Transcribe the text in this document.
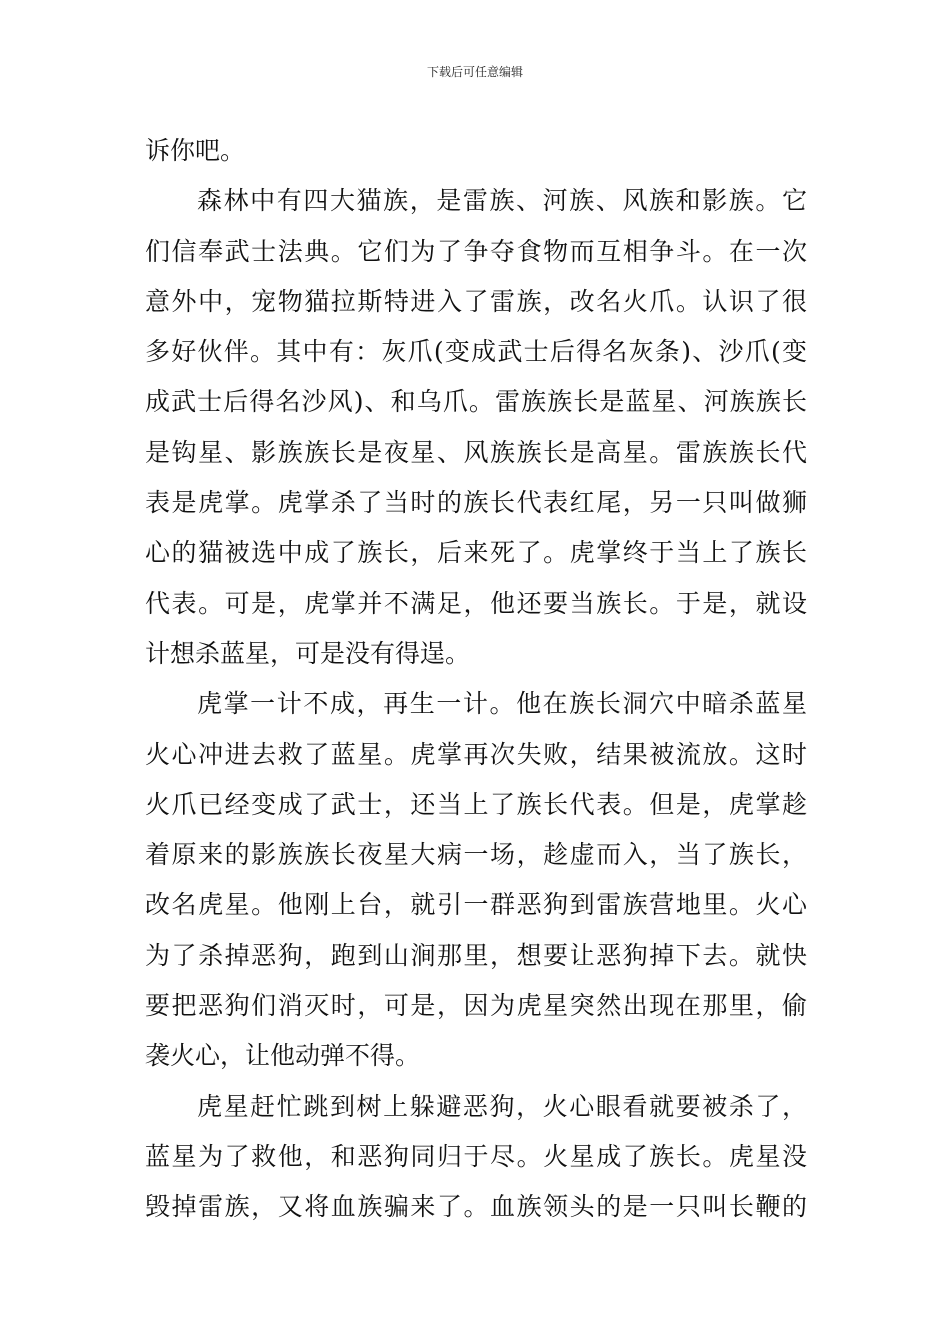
下载后可任意编辑
诉你吧。
森林中有四大猫族，是雷族、河族、风族和影族。它
们信奉武士法典。它们为了争夺食物而互相争斗。在一次
意外中，宠物猫拉斯特进入了雷族，改名火爪。认识了很
多好伙伴。其中有：灰爪(变成武士后得名灰条)、沙爪(变
成武士后得名沙风)、和乌爪。雷族族长是蓝星、河族族长
是钩星、影族族长是夜星、风族族长是高星。雷族族长代
表是虎掌。虎掌杀了当时的族长代表红尾，另一只叫做狮
心的猫被选中成了族长，后来死了。虎掌终于当上了族长
代表。可是，虎掌并不满足，他还要当族长。于是，就设
计想杀蓝星，可是没有得逞。
虎掌一计不成，再生一计。他在族长洞穴中暗杀蓝星
火心冲进去救了蓝星。虎掌再次失败，结果被流放。这时
火爪已经变成了武士，还当上了族长代表。但是，虎掌趁
着原来的影族族长夜星大病一场，趁虚而入，当了族长，
改名虎星。他刚上台，就引一群恶狗到雷族营地里。火心
为了杀掉恶狗，跑到山涧那里，想要让恶狗掉下去。就快
要把恶狗们消灭时，可是，因为虎星突然出现在那里，偷
袭火心，让他动弹不得。
虎星赶忙跳到树上躲避恶狗，火心眼看就要被杀了，
蓝星为了救他，和恶狗同归于尽。火星成了族长。虎星没
毁掉雷族，又将血族骗来了。血族领头的是一只叫长鞭的
